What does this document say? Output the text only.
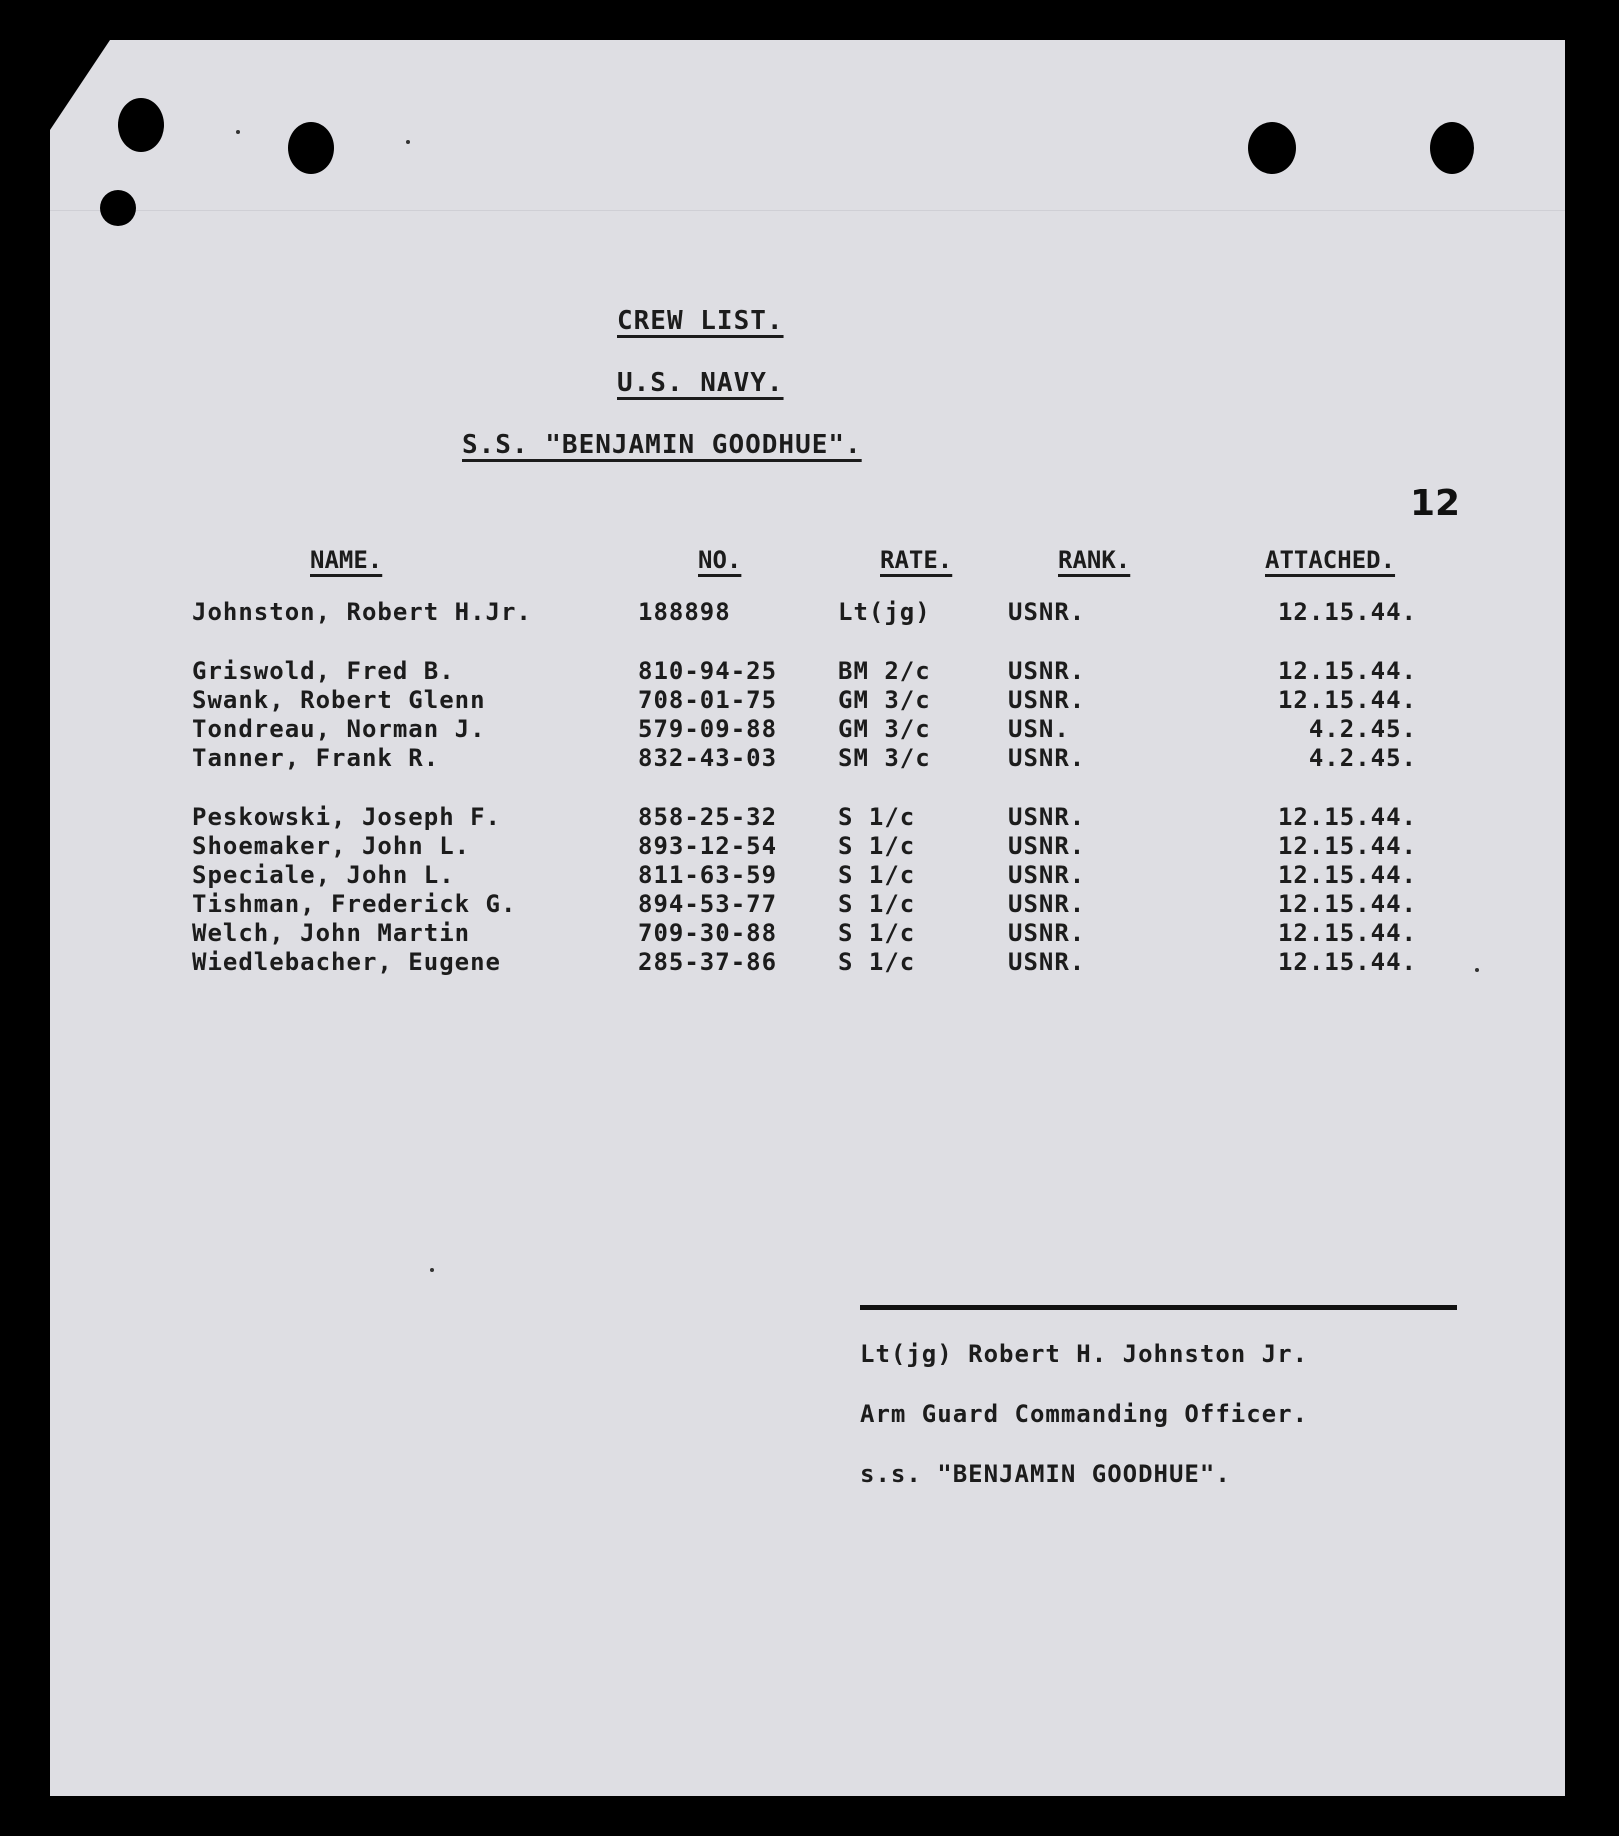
CREW LIST.
U.S. NAVY.
S.S. "BENJAMIN GOODHUE".
12
NAME.	NO.	RATE.	RANK.	ATTACHED.
Johnston, Robert H.Jr.	188898	Lt(jg)	USNR.	12.15.44.
Griswold, Fred B.	810-94-25	BM 2/c	USNR.	12.15.44.
Swank, Robert Glenn	708-01-75	GM 3/c	USNR.	12.15.44.
Tondreau, Norman J.	579-09-88	GM 3/c	USN.	4.2.45.
Tanner, Frank R.	832-43-03	SM 3/c	USNR.	4.2.45.
Peskowski, Joseph F.	858-25-32	S 1/c	USNR.	12.15.44.
Shoemaker, John L.	893-12-54	S 1/c	USNR.	12.15.44.
Speciale, John L.	811-63-59	S 1/c	USNR.	12.15.44.
Tishman, Frederick G.	894-53-77	S 1/c	USNR.	12.15.44.
Welch, John Martin	709-30-88	S 1/c	USNR.	12.15.44.
Wiedlebacher, Eugene	285-37-86	S 1/c	USNR.	12.15.44.
Lt(jg) Robert H. Johnston Jr.
Arm Guard Commanding Officer.
s.s. "BENJAMIN GOODHUE".
